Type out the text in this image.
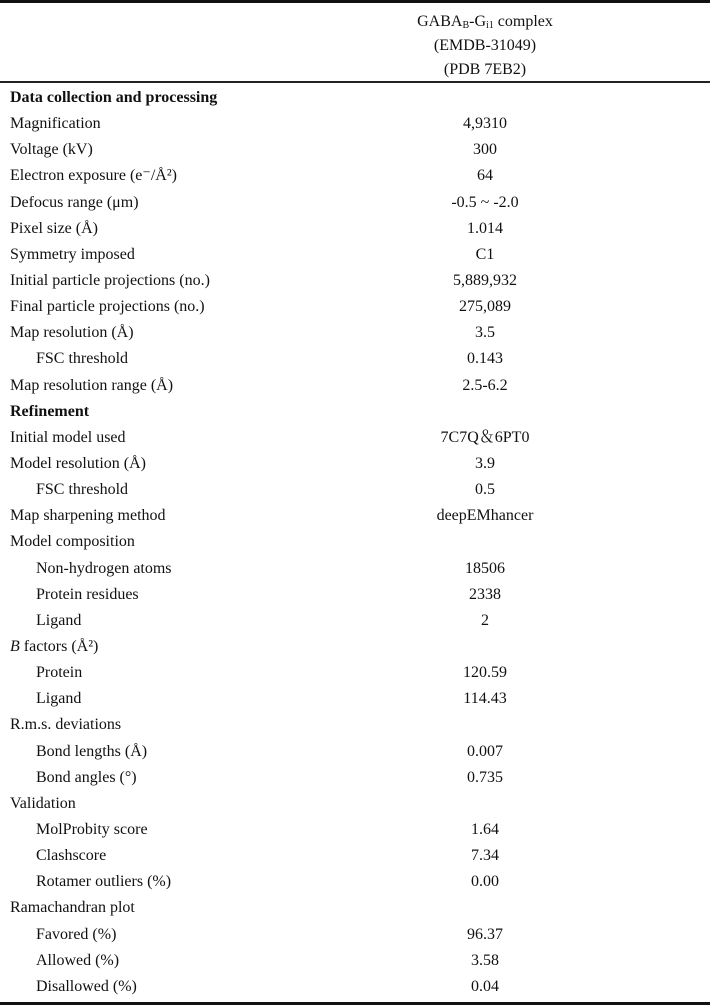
$GABA_B-G_{i1}$ complex
(EMDB-31049)
(PDB 7EB2)
Data collection and processing
Magnification	4,9310
Voltage (kV)	300
Electron exposure (e⁻/Å²)	64
Defocus range (μm)	-0.5 ~ -2.0
Pixel size (Å)	1.014
Symmetry imposed	C1
Initial particle projections (no.)	5,889,932
Final particle projections (no.)	275,089
Map resolution (Å)	3.5
FSC threshold	0.143
Map resolution range (Å)	2.5-6.2
Refinement
Initial model used	7C7Q＆6PT0
Model resolution (Å)	3.9
FSC threshold	0.5
Map sharpening method	deepEMhancer
Model composition
Non-hydrogen atoms	18506
Protein residues	2338
Ligand	2
B factors (Å²)
Protein	120.59
Ligand	114.43
R.m.s. deviations
Bond lengths (Å)	0.007
Bond angles (°)	0.735
Validation
MolProbity score	1.64
Clashscore	7.34
Rotamer outliers (%)	0.00
Ramachandran plot
Favored (%)	96.37
Allowed (%)	3.58
Disallowed (%)	0.04
